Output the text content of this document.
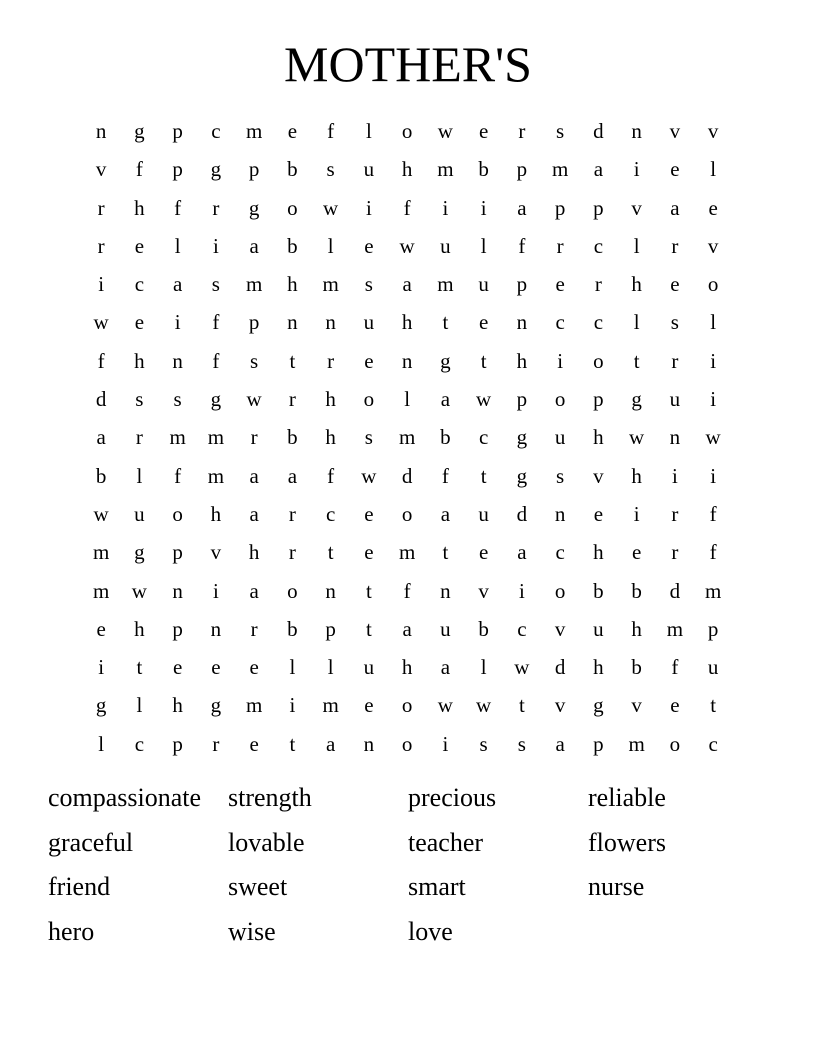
MOTHER'S
n	g	p	c	m	e	f	l	o	w	e	r	s	d	n	v	v
v	f	p	g	p	b	s	u	h	m	b	p	m	a	i	e	l
r	h	f	r	g	o	w	i	f	i	i	a	p	p	v	a	e
r	e	l	i	a	b	l	e	w	u	l	f	r	c	l	r	v
i	c	a	s	m	h	m	s	a	m	u	p	e	r	h	e	o
w	e	i	f	p	n	n	u	h	t	e	n	c	c	l	s	l
f	h	n	f	s	t	r	e	n	g	t	h	i	o	t	r	i
d	s	s	g	w	r	h	o	l	a	w	p	o	p	g	u	i
a	r	m	m	r	b	h	s	m	b	c	g	u	h	w	n	w
b	l	f	m	a	a	f	w	d	f	t	g	s	v	h	i	i
w	u	o	h	a	r	c	e	o	a	u	d	n	e	i	r	f
m	g	p	v	h	r	t	e	m	t	e	a	c	h	e	r	f
m	w	n	i	a	o	n	t	f	n	v	i	o	b	b	d	m
e	h	p	n	r	b	p	t	a	u	b	c	v	u	h	m	p
i	t	e	e	e	l	l	u	h	a	l	w	d	h	b	f	u
g	l	h	g	m	i	m	e	o	w	w	t	v	g	v	e	t
l	c	p	r	e	t	a	n	o	i	s	s	a	p	m	o	c
compassionate	strength	precious	reliable
graceful	lovable	teacher	flowers
friend	sweet	smart	nurse
hero	wise	love
